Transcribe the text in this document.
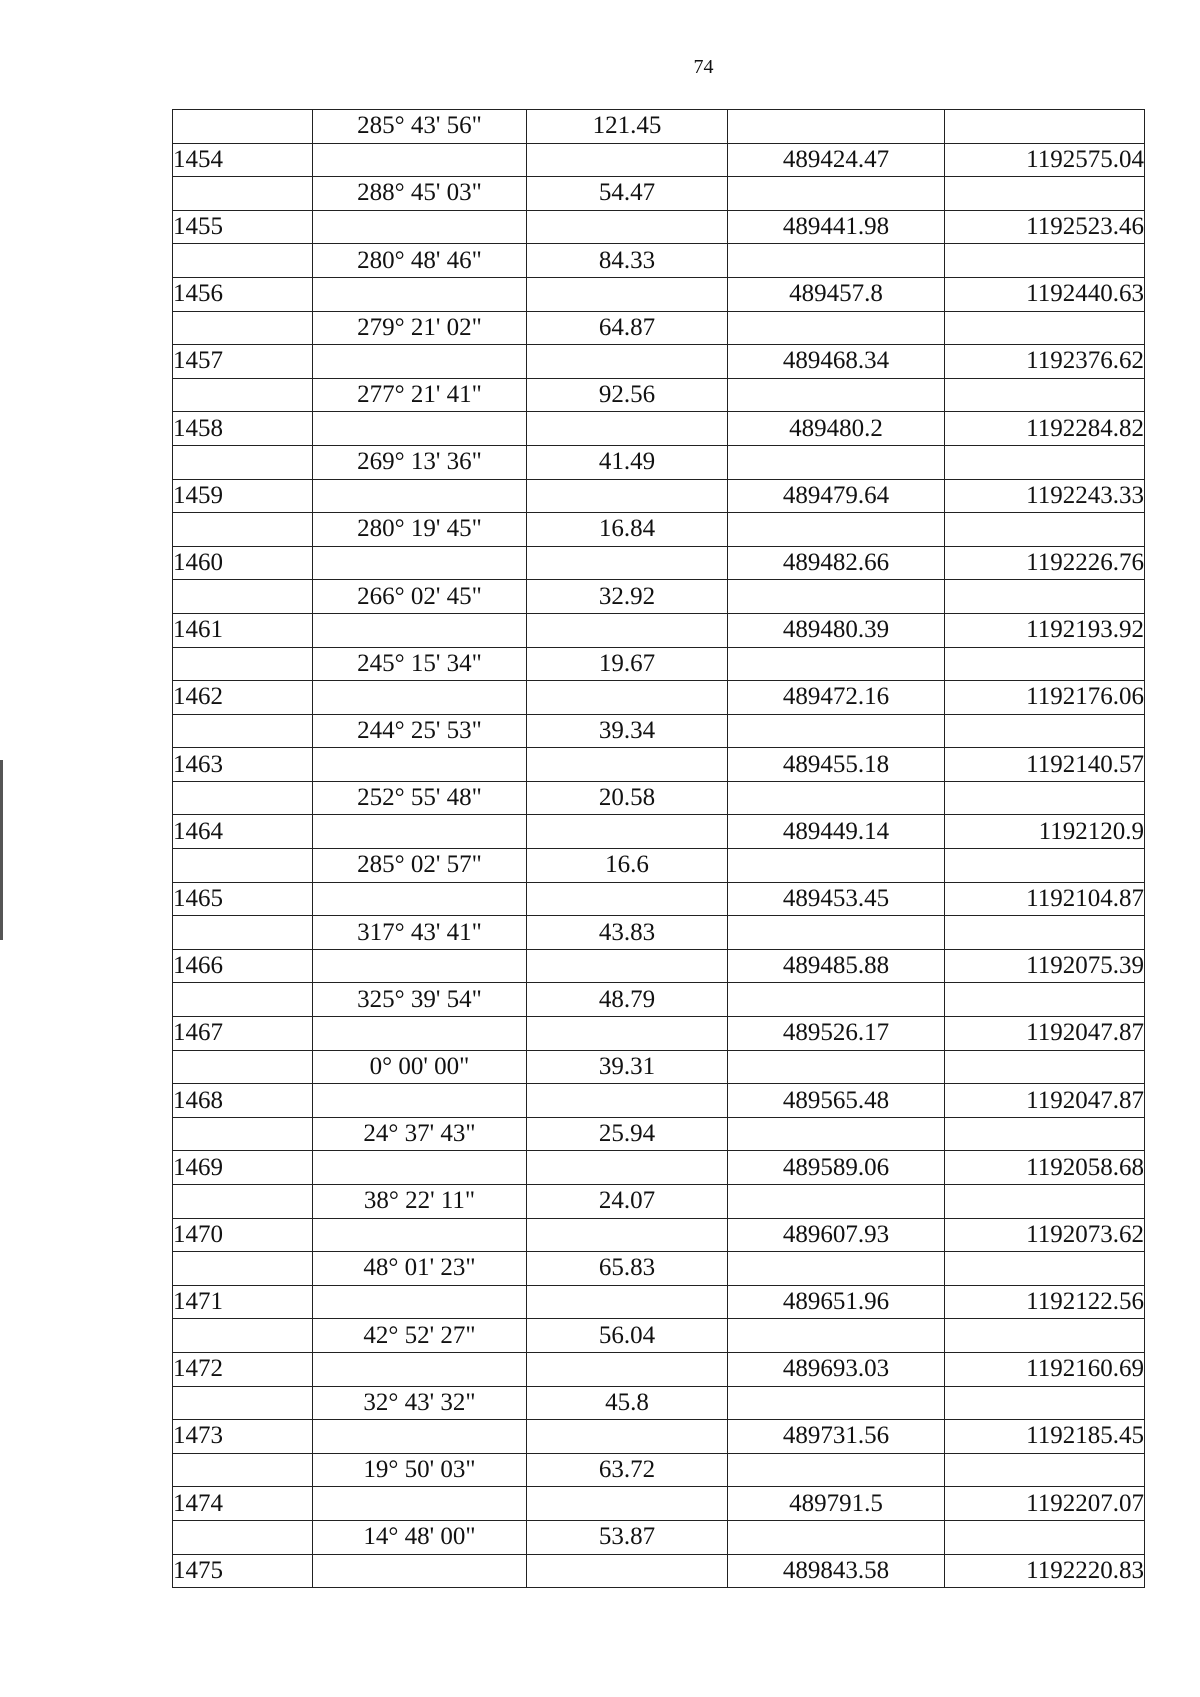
74
	285° 43' 56"	121.45		
1454			489424.47	1192575.04
	288° 45' 03"	54.47		
1455			489441.98	1192523.46
	280° 48' 46"	84.33		
1456			489457.8	1192440.63
	279° 21' 02"	64.87		
1457			489468.34	1192376.62
	277° 21' 41"	92.56		
1458			489480.2	1192284.82
	269° 13' 36"	41.49		
1459			489479.64	1192243.33
	280° 19' 45"	16.84		
1460			489482.66	1192226.76
	266° 02' 45"	32.92		
1461			489480.39	1192193.92
	245° 15' 34"	19.67		
1462			489472.16	1192176.06
	244° 25' 53"	39.34		
1463			489455.18	1192140.57
	252° 55' 48"	20.58		
1464			489449.14	1192120.9
	285° 02' 57"	16.6		
1465			489453.45	1192104.87
	317° 43' 41"	43.83		
1466			489485.88	1192075.39
	325° 39' 54"	48.79		
1467			489526.17	1192047.87
	0° 00' 00"	39.31		
1468			489565.48	1192047.87
	24° 37' 43"	25.94		
1469			489589.06	1192058.68
	38° 22' 11"	24.07		
1470			489607.93	1192073.62
	48° 01' 23"	65.83		
1471			489651.96	1192122.56
	42° 52' 27"	56.04		
1472			489693.03	1192160.69
	32° 43' 32"	45.8		
1473			489731.56	1192185.45
	19° 50' 03"	63.72		
1474			489791.5	1192207.07
	14° 48' 00"	53.87		
1475			489843.58	1192220.83
